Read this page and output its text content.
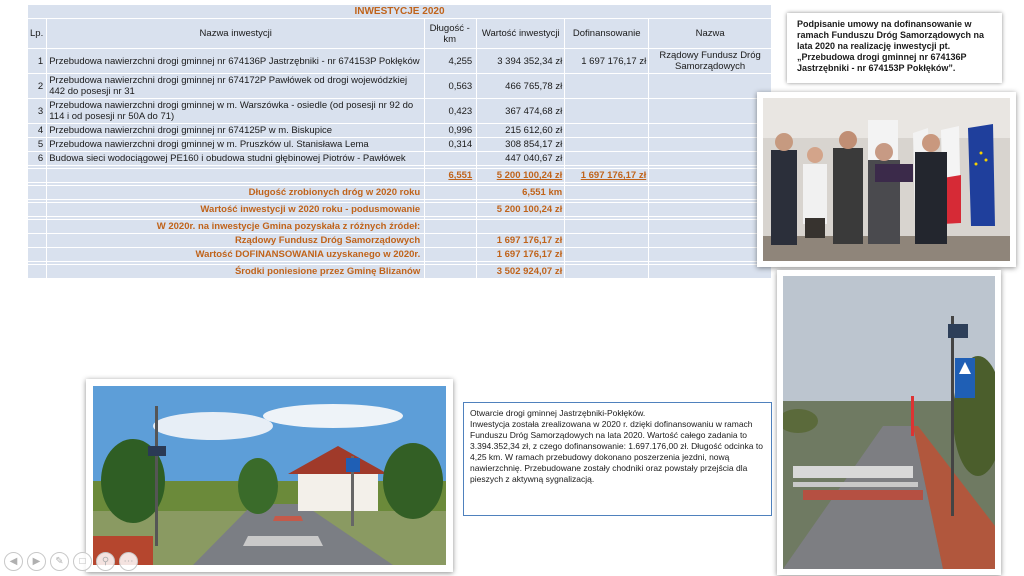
INWESTYCJE 2020					
Lp.	Nazwa inwestycji	Długość - km	Wartość inwestycji	Dofinansowanie	Nazwa
1	Przebudowa nawierzchni drogi gminnej nr 674136P Jastrzębniki - nr 674153P Pokłęków	4,255	3 394 352,34 zł	1 697 176,17 zł	Rządowy Fundusz Dróg Samorządowych
2	Przebudowa nawierzchni drogi gminnej nr 674172P Pawłówek od drogi wojewódzkiej 442 do posesji nr 31	0,563	466 765,78 zł		
3	Przebudowa nawierzchni drogi gminnej w m. Warszówka - osiedle (od posesji nr 92 do 114 i od posesji nr 50A do 71)	0,423	367 474,68 zł		
4	Przebudowa nawierzchni drogi gminnej nr 674125P w m. Biskupice	0,996	215 612,60 zł		
5	Przebudowa nawierzchni drogi gminnej w m. Pruszków ul. Stanisława Lema	0,314	308 854,17 zł		
6	Budowa sieci wodociągowej PE160 i obudowa studni głębinowej Piotrów - Pawłówek		447 040,67 zł		

		6,551	5 200 100,24 zł	1 697 176,17 zł	

	Długość zrobionych dróg w 2020 roku		6,551 km		

	Wartość inwestycji w 2020 roku - podusmowanie		5 200 100,24 zł		

	W 2020r. na inwestycje Gmina pozyskała z różnych źródeł:				
	Rządowy Fundusz Dróg Samorządowych		1 697 176,17 zł		
	Wartość DOFINANSOWANIA uzyskanego w 2020r.		1 697 176,17 zł		

	Środki poniesione przez Gminę Blizanów		3 502 924,07 zł		
Podpisanie umowy na dofinansowanie w ramach Funduszu Dróg Samorządowych na lata 2020 na realizację inwestycji pt. „Przebudowa drogi gminnej nr 674136P Jastrzębniki - nr 674153P Pokłęków”.
Otwarcie drogi gminnej Jastrzębniki-Pokłęków.
Inwestycja została zrealizowana w 2020 r. dzięki dofinansowaniu w ramach Funduszu Dróg Samorządowych na lata 2020. Wartość całego zadania to 3.394.352,34 zł, z czego dofinansowanie: 1.697.176,00 zł. Długość odcinka to 4,25 km. W ramach przebudowy dokonano poszerzenia jezdni, nową nawierzchnię. Przebudowane zostały chodniki oraz powstały przejścia dla pieszych z aktywną sygnalizacją.
◀	▶	✎	□	⚲	⋯
